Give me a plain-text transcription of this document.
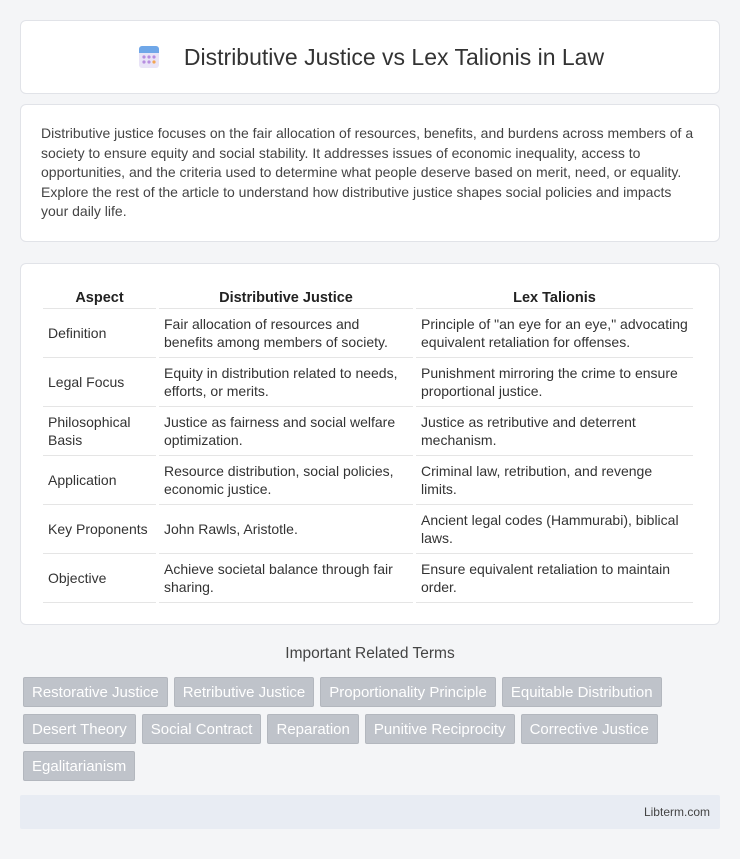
Distributive Justice vs Lex Talionis in Law

Distributive justice focuses on the fair allocation of resources, benefits, and burdens across members of a society to ensure equity and social stability. It addresses issues of economic inequality, access to opportunities, and the criteria used to determine what people deserve based on merit, need, or equality. Explore the rest of the article to understand how distributive justice shapes social policies and impacts your daily life.

Aspect	Distributive Justice	Lex Talionis
Definition	Fair allocation of resources and benefits among members of society.	Principle of "an eye for an eye," advocating equivalent retaliation for offenses.
Legal Focus	Equity in distribution related to needs, efforts, or merits.	Punishment mirroring the crime to ensure proportional justice.
Philosophical Basis	Justice as fairness and social welfare optimization.	Justice as retributive and deterrent mechanism.
Application	Resource distribution, social policies, economic justice.	Criminal law, retribution, and revenge limits.
Key Proponents	John Rawls, Aristotle.	Ancient legal codes (Hammurabi), biblical laws.
Objective	Achieve societal balance through fair sharing.	Ensure equivalent retaliation to maintain order.
Important Related Terms
Restorative Justice	Retributive Justice	Proportionality Principle	Equitable Distribution
Desert Theory	Social Contract	Reparation	Punitive Reciprocity	Corrective Justice
Egalitarianism
Libterm.com
